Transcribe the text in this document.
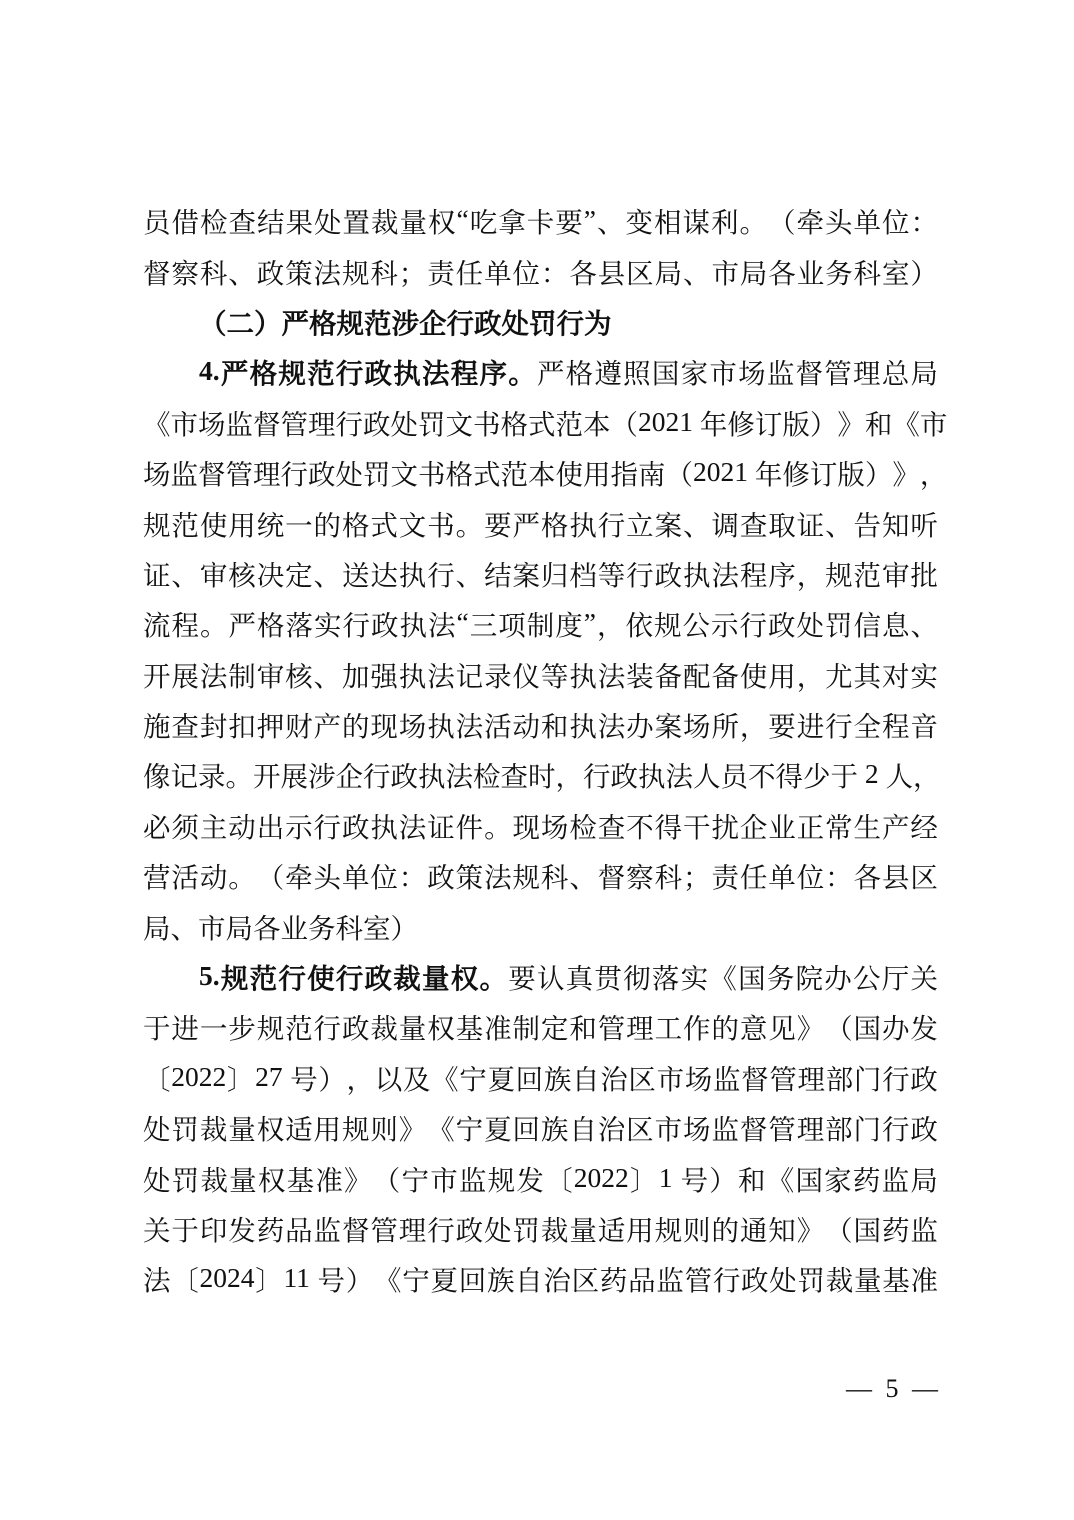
员 借 检 查 结 果 处 置 裁 量 权 “ 吃 拿 卡 要 ” 、 变 相 谋 利 。 （ 牵 头 单 位 ：
督 察 科 、 政 策 法 规 科 ； 责 任 单 位 ： 各 县 区 局 、 市 局 各 业 务 科 室 ）
（ 二 ） 严 格 规 范 涉 企 行 政 处 罚 行 为
4. 严 格 规 范 行 政 执 法 程 序 。 严 格 遵 照 国 家 市 场 监 督 管 理 总 局
《 市 场 监 督 管 理 行 政 处 罚 文 书 格 式 范 本 （ 2021 年 修 订 版 ） 》 和 《 市
场 监 督 管 理 行 政 处 罚 文 书 格 式 范 本 使 用 指 南 （ 2021 年 修 订 版 ） 》 ，
规 范 使 用 统 一 的 格 式 文 书 。 要 严 格 执 行 立 案 、 调 查 取 证 、 告 知 听
证 、 审 核 决 定 、 送 达 执 行 、 结 案 归 档 等 行 政 执 法 程 序 ， 规 范 审 批
流 程 。 严 格 落 实 行 政 执 法 “ 三 项 制 度 ” ， 依 规 公 示 行 政 处 罚 信 息 、
开 展 法 制 审 核 、 加 强 执 法 记 录 仪 等 执 法 装 备 配 备 使 用 ， 尤 其 对 实
施 查 封 扣 押 财 产 的 现 场 执 法 活 动 和 执 法 办 案 场 所 ， 要 进 行 全 程 音
像 记 录 。 开 展 涉 企 行 政 执 法 检 查 时 ， 行 政 执 法 人 员 不 得 少 于 2 人 ，
必 须 主 动 出 示 行 政 执 法 证 件 。 现 场 检 查 不 得 干 扰 企 业 正 常 生 产 经
营 活 动 。 （ 牵 头 单 位 ： 政 策 法 规 科 、 督 察 科 ； 责 任 单 位 ： 各 县 区
局 、 市 局 各 业 务 科 室 ）
5. 规 范 行 使 行 政 裁 量 权 。 要 认 真 贯 彻 落 实 《 国 务 院 办 公 厅 关
于 进 一 步 规 范 行 政 裁 量 权 基 准 制 定 和 管 理 工 作 的 意 见 》 （ 国 办 发
〔 2022 〕 27 号 ） ， 以 及 《 宁 夏 回 族 自 治 区 市 场 监 督 管 理 部 门 行 政
处 罚 裁 量 权 适 用 规 则 》 《 宁 夏 回 族 自 治 区 市 场 监 督 管 理 部 门 行 政
处 罚 裁 量 权 基 准 》 （ 宁 市 监 规 发 〔 2022 〕 1 号 ） 和 《 国 家 药 监 局
关 于 印 发 药 品 监 督 管 理 行 政 处 罚 裁 量 适 用 规 则 的 通 知 》 （ 国 药 监
法 〔 2024 〕 11 号 ） 《 宁 夏 回 族 自 治 区 药 品 监 管 行 政 处 罚 裁 量 基 准
— 5 —
